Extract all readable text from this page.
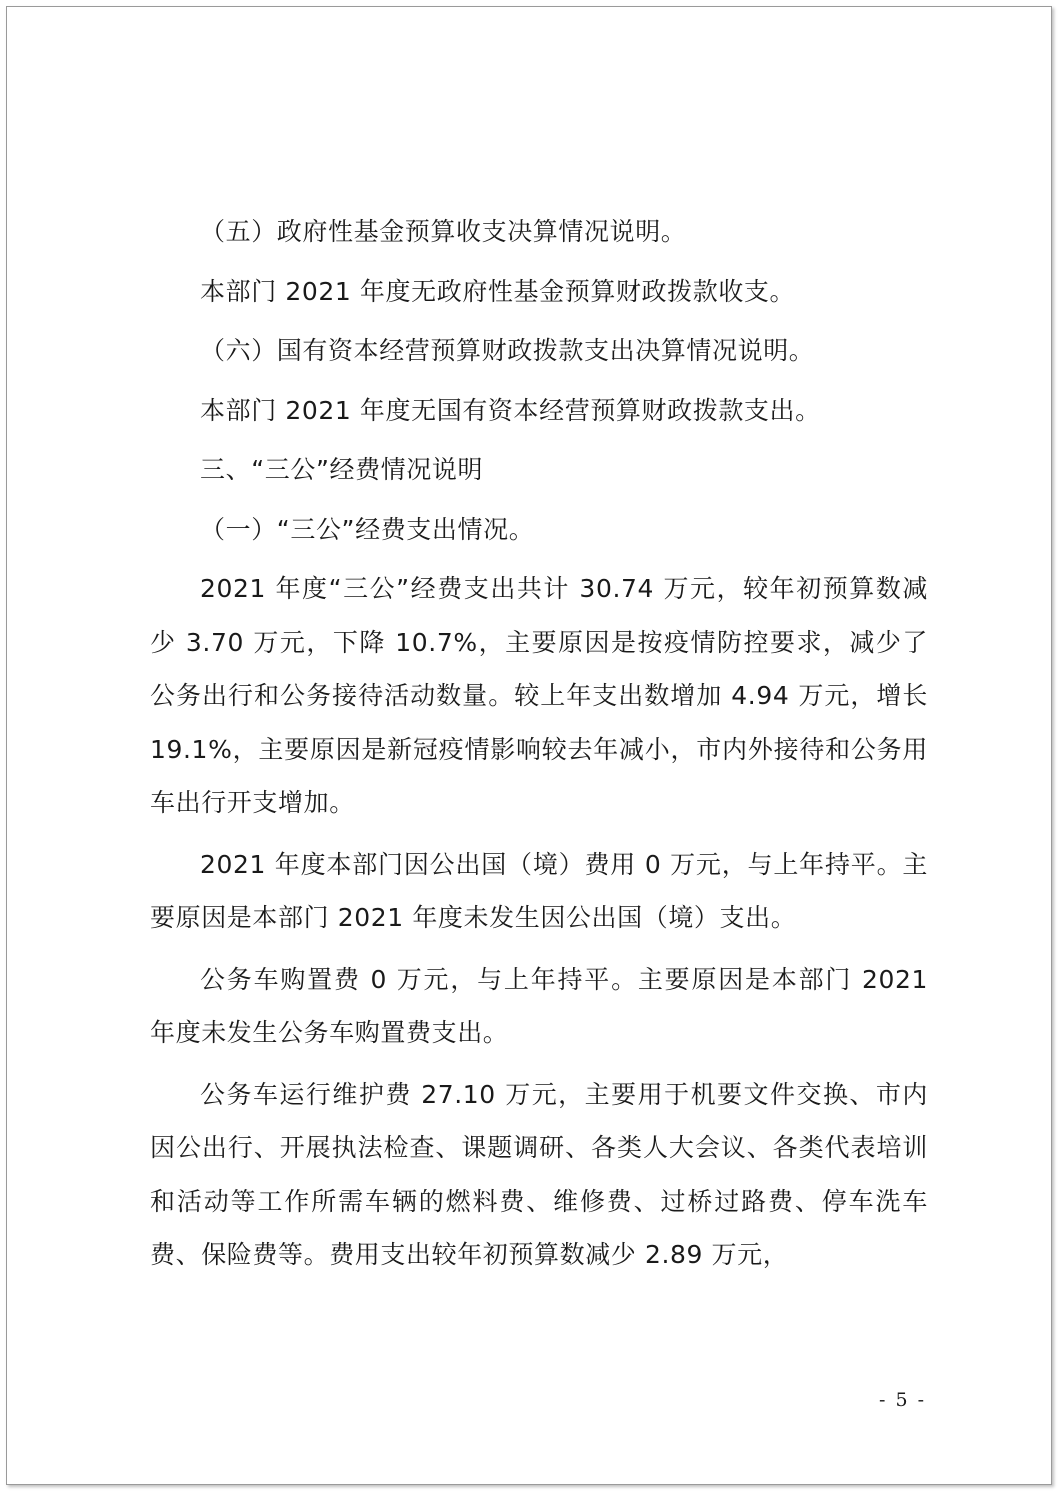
（五）政府性基金预算收支决算情况说明。

本部门 2021 年度无政府性基金预算财政拨款收支。

（六）国有资本经营预算财政拨款支出决算情况说明。

本部门 2021 年度无国有资本经营预算财政拨款支出。

三、“三公”经费情况说明

（一）“三公”经费支出情况。

2021 年度“三公”经费支出共计 30.74 万元，较年初预算数减少 3.70 万元，下降 10.7%，主要原因是按疫情防控要求，减少了公务出行和公务接待活动数量。较上年支出数增加 4.94 万元，增长 19.1%，主要原因是新冠疫情影响较去年减小，市内外接待和公务用车出行开支增加。

2021 年度本部门因公出国（境）费用 0 万元，与上年持平。主要原因是本部门 2021 年度未发生因公出国（境）支出。

公务车购置费 0 万元，与上年持平。主要原因是本部门 2021 年度未发生公务车购置费支出。

公务车运行维护费 27.10 万元，主要用于机要文件交换、市内因公出行、开展执法检查、课题调研、各类人大会议、各类代表培训和活动等工作所需车辆的燃料费、维修费、过桥过路费、停车洗车费、保险费等。费用支出较年初预算数减少 2.89 万元，

- 5 -
